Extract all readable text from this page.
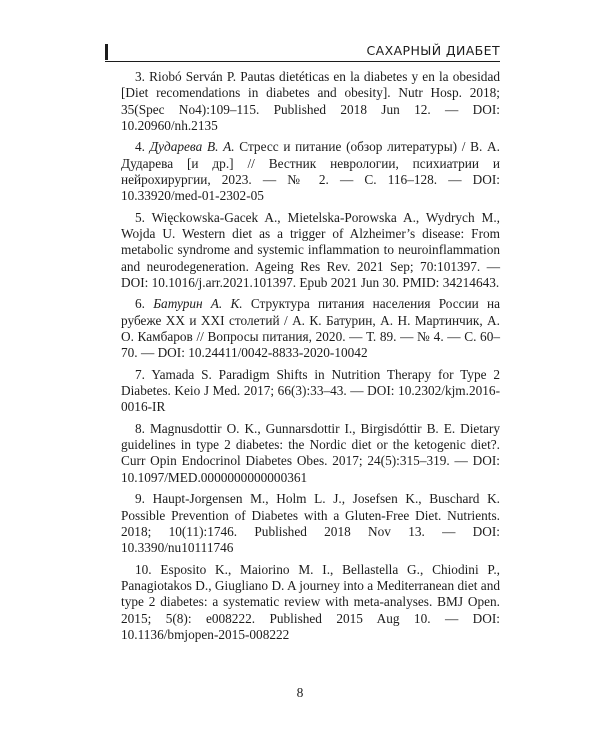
САХАРНЫЙ ДИАБЕТ

3. Riobó Serván P. Pautas dietéticas en la diabetes y en la obesidad [Diet recomendations in diabetes and obesity]. Nutr Hosp. 2018; 35(Spec No4):109–115. Published 2018 Jun 12. — DOI: 10.20960/nh.2135

4. Дударева В. А. Стресс и питание (обзор литературы) / В. А. Дударева [и др.] // Вестник неврологии, психиатрии и нейрохирургии, 2023. — № 2. — С. 116–128. — DOI: 10.33920/med-01-2302-05

5. Więckowska-Gacek A., Mietelska-Porowska A., Wydrych M., Wojda U. Western diet as a trigger of Alzheimer’s disease: From metabolic syndrome and systemic inflammation to neuroinflammation and neurodegeneration. Ageing Res Rev. 2021 Sep; 70:101397. — DOI: 10.1016/j.arr.2021.101397. Epub 2021 Jun 30. PMID: 34214643.

6. Батурин А. К. Структура питания населения России на рубеже XX и XXI столетий / А. К. Батурин, А. Н. Мартинчик, А. О. Камбаров // Вопросы питания, 2020. — Т. 89. — № 4. — С. 60–70. — DOI: 10.24411/0042-8833-2020-10042

7. Yamada S. Paradigm Shifts in Nutrition Therapy for Type 2 Diabetes. Keio J Med. 2017; 66(3):33–43. — DOI: 10.2302/kjm.2016-0016-IR

8. Magnusdottir O. K., Gunnarsdottir I., Birgisdóttir B. E. Dietary guidelines in type 2 diabetes: the Nordic diet or the ketogenic diet?. Curr Opin Endocrinol Diabetes Obes. 2017; 24(5):315–319. — DOI: 10.1097/MED.0000000000000361

9. Haupt-Jorgensen M., Holm L. J., Josefsen K., Buschard K. Possible Prevention of Diabetes with a Gluten-Free Diet. Nutrients. 2018; 10(11):1746. Published 2018 Nov 13. — DOI: 10.3390/nu10111746

10. Esposito K., Maiorino M. I., Bellastella G., Chiodini P., Panagiotakos D., Giugliano D. A journey into a Mediterranean diet and type 2 diabetes: a systematic review with meta-analyses. BMJ Open. 2015; 5(8): e008222. Published 2015 Aug 10. — DOI: 10.1136/bmjopen-2015-008222

8
